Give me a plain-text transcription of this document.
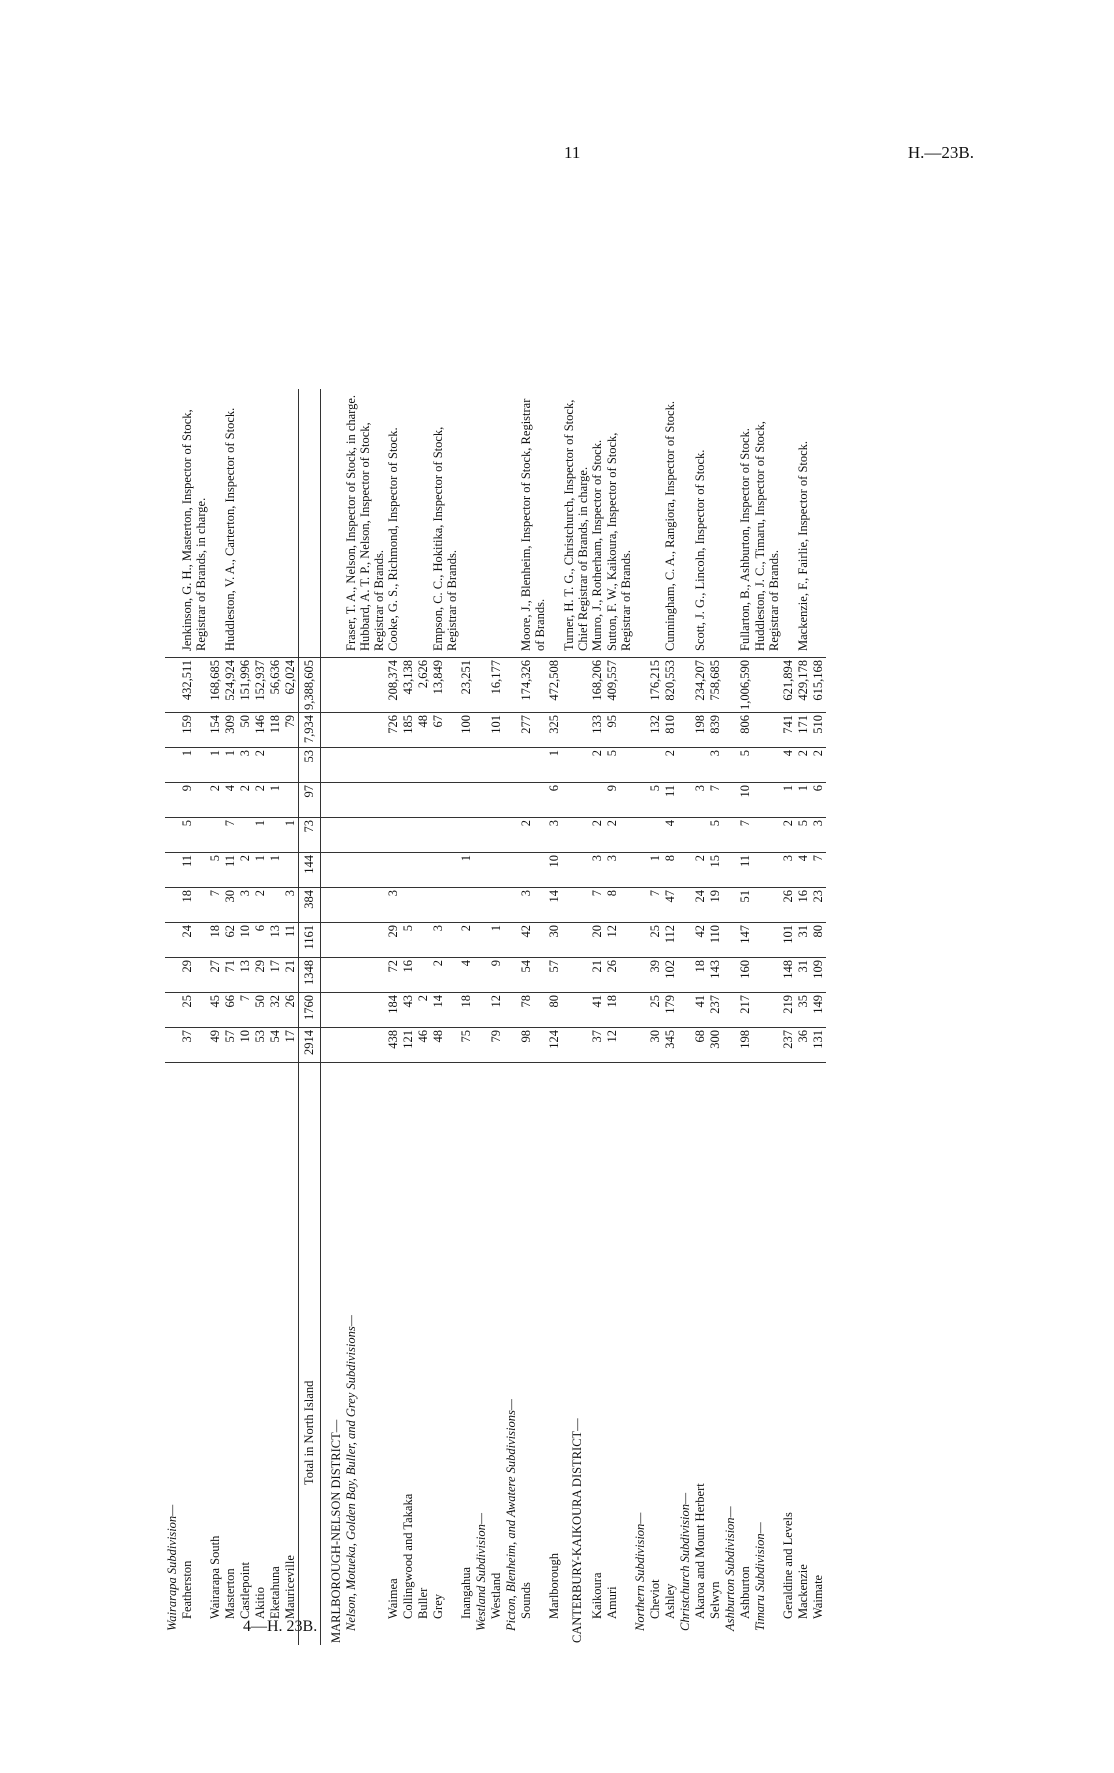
11	H.—23B.
4—H. 23B.
Wairarapa Subdivision—												
Featherston	37	25	29	24	18	11	5	9	1	159	432,511	Jenkinson, G. H., Masterton, Inspector of Stock, Registrar of Brands, in charge.
Wairarapa South	49	45	27	18	7	5		2	1	154	168,685	
Masterton	57	66	71	62	30	11	7	4	1	309	524,924	Huddleston, V. A., Carterton, Inspector of Stock.
Castlepoint	10	7	13	10	3	2		2	3	50	151,996	
Akitio	53	50	29	6	2	1	1	2	2	146	152,937	
Eketahuna	54	32	17	13		1		1		118	56,636	
Mauriceville	17	26	21	11	3		1			79	62,024	
Total in North Island	2914	1760	1348	1161	384	144	73	97	53	7,934	9,388,605	
MARLBOROUGH-NELSON DISTRICT—												
Nelson, Motueka, Golden Bay, Buller, and Grey Subdivisions—												Fraser, T. A., Nelson, Inspector of Stock, in charge. Hubbard, A. T. P., Nelson, Inspector of Stock, Registrar of Brands.
Waimea	438	184	72	29	3					726	208,374	Cooke, G. S., Richmond, Inspector of Stock.
Collingwood and Takaka	121	43	16	5						185	43,138	
Buller	46	2								48	2,626	
Grey	48	14	2	3						67	13,849	Empson, C. C., Hokitika, Inspector of Stock, Registrar of Brands.
Inangahua	75	18	4	2		1				100	23,251	
Westland Subdivision—												
Westland	79	12	9	1						101	16,177	
Picton, Blenheim, and Awatere Subdivisions—												
Sounds	98	78	54	42	3		2			277	174,326	Moore, J., Blenheim, Inspector of Stock, Registrar of Brands.
Marlborough	124	80	57	30	14	10	3	6	1	325	472,508	
CANTERBURY-KAIKOURA DISTRICT—												Turner, H. T. G., Christchurch, Inspector of Stock, Chief Registrar of Brands, in charge.
Kaikoura	37	41	21	20	7	3	2		2	133	168,206	Munro, J., Rotherham, Inspector of Stock.
Amuri	12	18	26	12	8	3	2	9	5	95	409,557	Sutton, F. W., Kaikoura, Inspector of Stock, Registrar of Brands.
Northern Subdivision—												
Cheviot	30	25	39	25	7	1		5		132	176,215	
Ashley	345	179	102	112	47	8	4	11	2	810	820,553	Cunningham, C. A., Rangiora, Inspector of Stock.
Christchurch Subdivision—												
Akaroa and Mount Herbert	68	41	18	42	24	2		3		198	234,207	Scott, J. G., Lincoln, Inspector of Stock.
Selwyn	300	237	143	110	19	15	5	7	3	839	758,685	
Ashburton Subdivision—												
Ashburton	198	217	160	147	51	11	7	10	5	806	1,006,590	Fullarton, B., Ashburton, Inspector of Stock.
Timaru Subdivision—												Huddleston, J. C., Timaru, Inspector of Stock, Registrar of Brands.
Geraldine and Levels	237	219	148	101	26	3	2	1	4	741	621,894	
Mackenzie	36	35	31	31	16	4	5	1	2	171	429,178	Mackenzie, F., Fairlie, Inspector of Stock.
Waimate	131	149	109	80	23	7	3	6	2	510	615,168	
